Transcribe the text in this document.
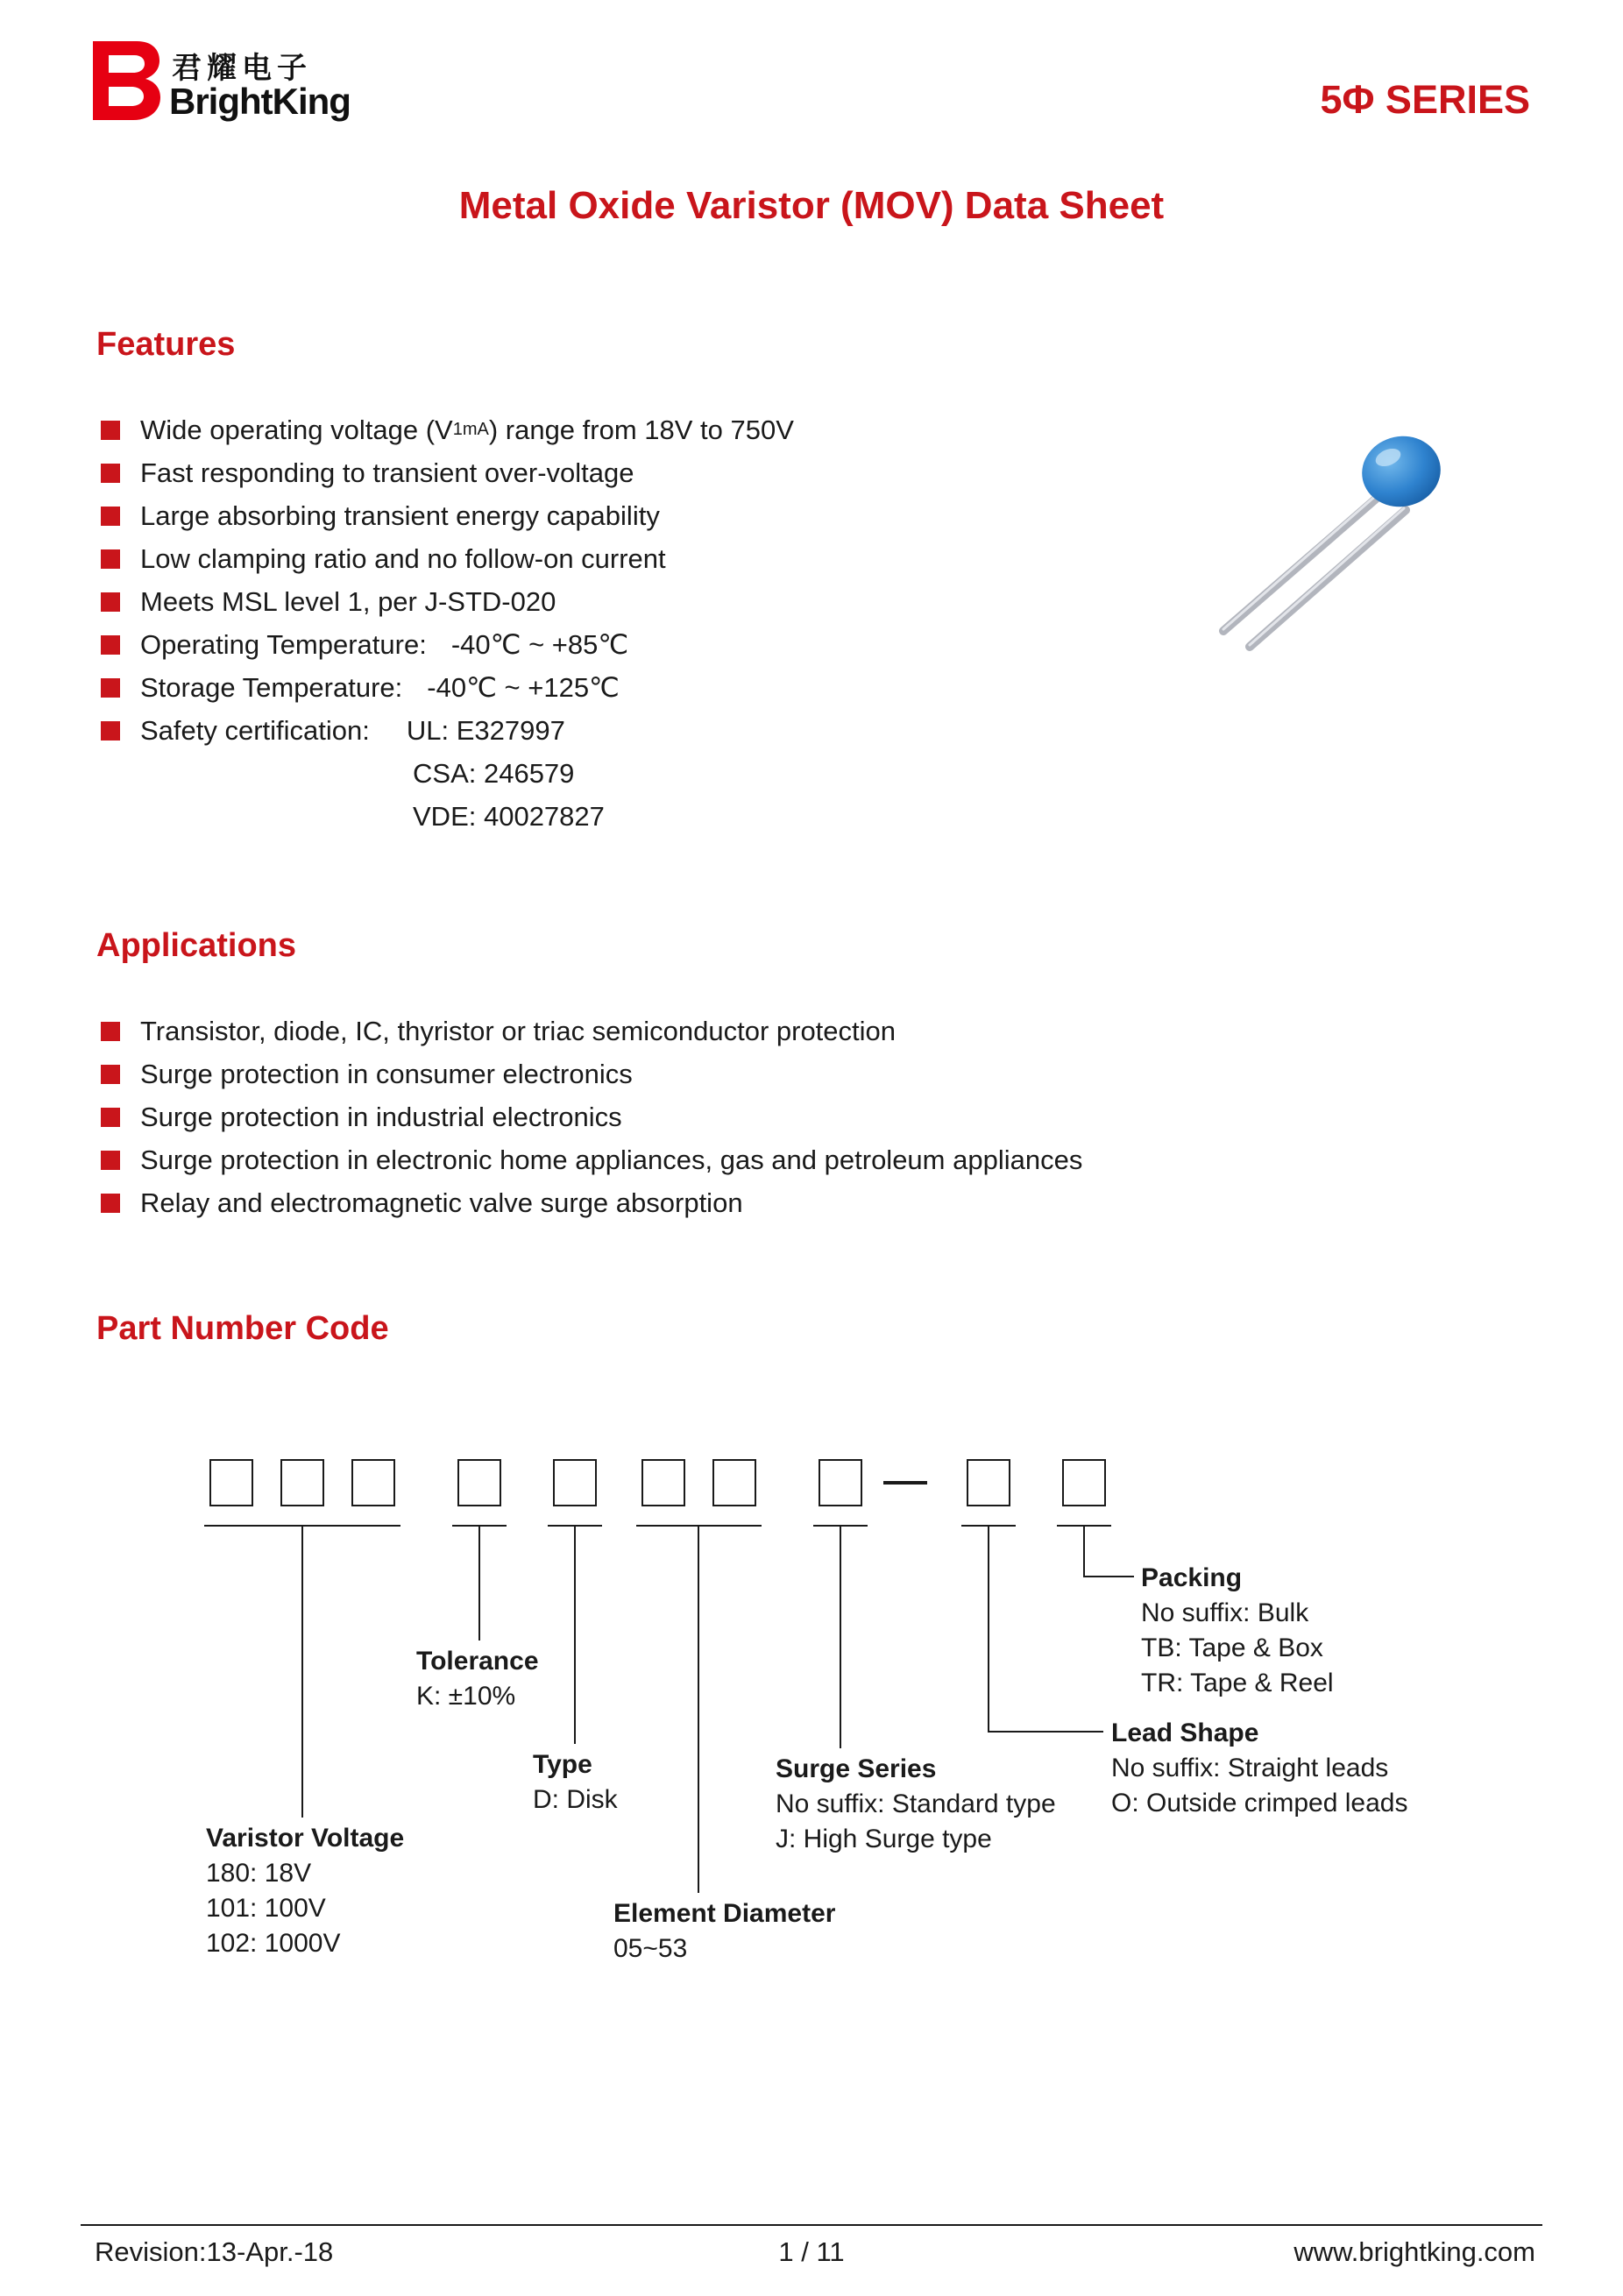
君耀电子
BrightKing	5Φ SERIES
Metal Oxide Varistor (MOV) Data Sheet
Features
Wide operating voltage (V 1mA ) range from 18V to 750V
Fast responding to transient over-voltage
Large absorbing transient energy capability
Low clamping ratio and no follow-on current
Meets MSL level 1, per J-STD-020
Operating Temperature: -40℃ ~ +85℃
Storage Temperature: -40℃ ~ +125℃
Safety certification: UL: E327997
CSA: 246579
VDE: 40027827
Applications
Transistor, diode, IC, thyristor or triac semiconductor protection
Surge protection in consumer electronics
Surge protection in industrial electronics
Surge protection in electronic home appliances, gas and petroleum appliances
Relay and electromagnetic valve surge absorption
Part Number Code
Packing
No suffix: Bulk
TB: Tape & Box
TR: Tape & Reel
Lead Shape
No suffix: Straight leads
O: Outside crimped leads
Tolerance
K: ±10%
Type
D: Disk
Surge Series
No suffix: Standard type
J: High Surge type
Varistor Voltage
180: 18V
101: 100V
102: 1000V
Element Diameter
05~53
Revision:13-Apr.-18	1 / 11	www.brightking.com
